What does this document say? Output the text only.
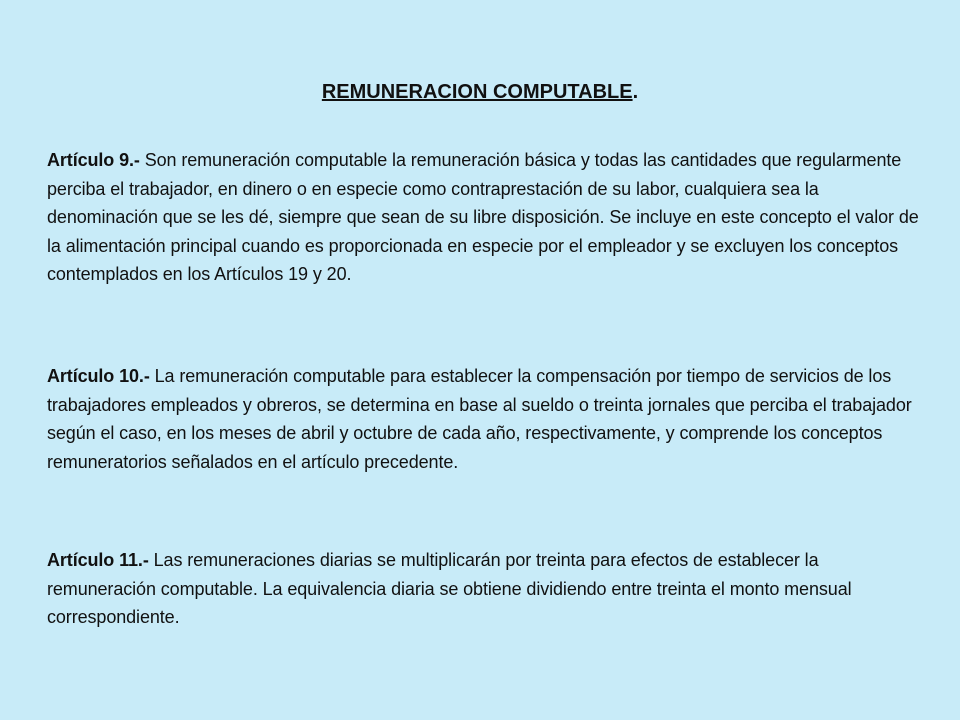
REMUNERACION COMPUTABLE.

Artículo 9.- Son remuneración computable la remuneración básica y todas las cantidades que regularmente perciba el trabajador, en dinero o en especie como contraprestación de su labor, cualquiera sea la denominación que se les dé, siempre que sean de su libre disposición. Se incluye en este concepto el valor de la alimentación principal cuando es proporcionada en especie por el empleador y se excluyen los conceptos contemplados en los Artículos 19 y 20.

Artículo 10.- La remuneración computable para establecer la compensación por tiempo de servicios de los trabajadores empleados y obreros, se determina en base al sueldo o treinta jornales que perciba el trabajador según el caso, en los meses de abril y octubre de cada año, respectivamente, y comprende los conceptos remuneratorios señalados en el artículo precedente.

Artículo 11.- Las remuneraciones diarias se multiplicarán por treinta para efectos de establecer la remuneración computable. La equivalencia diaria se obtiene dividiendo entre treinta el monto mensual correspondiente.
